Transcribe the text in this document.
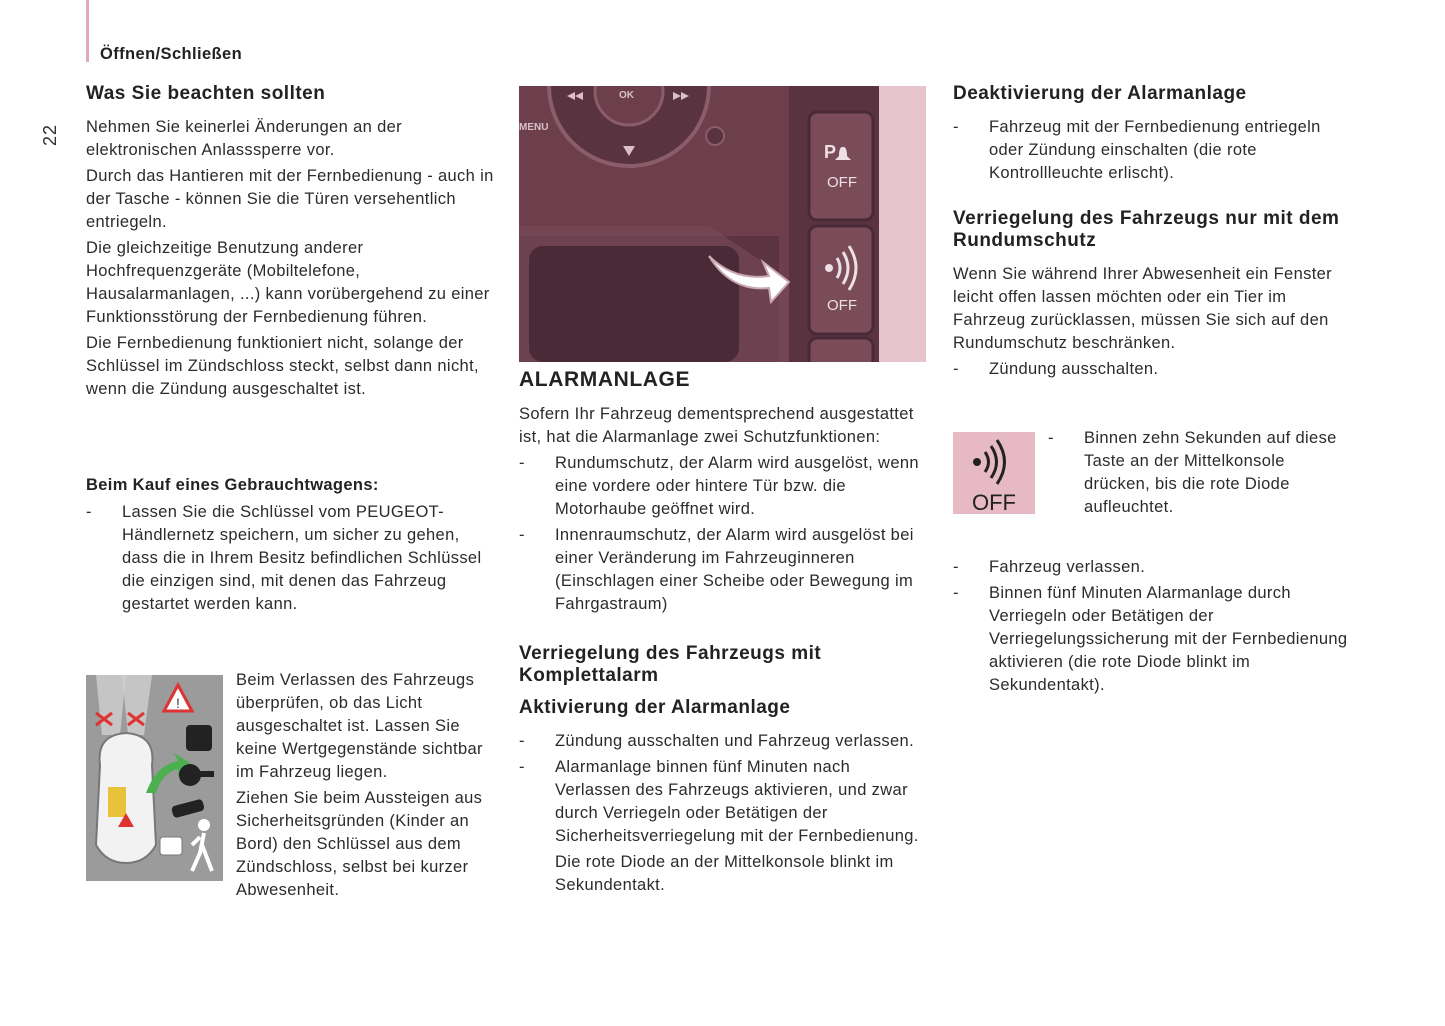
Öffnen/Schließen
22
Was Sie beachten sollten

Nehmen Sie keinerlei Änderungen an der elektronischen Anlasssperre vor.

Durch das Hantieren mit der Fernbedienung - auch in der Tasche - können Sie die Türen versehentlich entriegeln.

Die gleichzeitige Benutzung anderer Hochfrequenzgeräte (Mobiltelefone, Hausalarmanlagen, ...) kann vorübergehend zu einer Funktionsstörung der Fernbedienung führen.

Die Fernbedienung funktioniert nicht, solange der Schlüssel im Zündschloss steckt, selbst dann nicht, wenn die Zündung ausgeschaltet ist.

Beim Kauf eines Gebrauchtwagens:
- Lassen Sie die Schlüssel vom PEUGEOT-Händlernetz speichern, um sicher zu gehen, dass die in Ihrem Besitz befindlichen Schlüssel die einzigen sind, mit denen das Fahrzeug gestartet werden kann.
!

Beim Verlassen des Fahrzeugs überprüfen, ob das Licht ausgeschaltet ist. Lassen Sie keine Wertgegenstände sichtbar im Fahrzeug liegen.

Ziehen Sie beim Aussteigen aus Sicherheitsgründen (Kinder an Bord) den Schlüssel aus dem Zündschloss, selbst bei kurzer Abwesenheit.

MENU
OK
P
OFF
OFF
ALARMANLAGE

Sofern Ihr Fahrzeug dementsprechend ausgestattet ist, hat die Alarmanlage zwei Schutzfunktionen:

- Rundumschutz, der Alarm wird ausgelöst, wenn eine vordere oder hintere Tür bzw. die Motorhaube geöffnet wird.
- Innenraumschutz, der Alarm wird ausgelöst bei einer Veränderung im Fahrzeuginneren (Einschlagen einer Scheibe oder Bewegung im Fahrgastraum)
Verriegelung des Fahrzeugs mit Komplettalarm
Aktivierung der Alarmanlage
- Zündung ausschalten und Fahrzeug verlassen.
- Alarmanlage binnen fünf Minuten nach Verlassen des Fahrzeugs aktivieren, und zwar durch Verriegeln oder Betätigen der Sicherheitsverriegelung mit der Fernbedienung.
Die rote Diode an der Mittelkonsole blinkt im Sekundentakt.
Deaktivierung der Alarmanlage
- Fahrzeug mit der Fernbedienung entriegeln oder Zündung einschalten (die rote Kontrollleuchte erlischt).
Verriegelung des Fahrzeugs nur mit dem Rundumschutz

Wenn Sie während Ihrer Abwesenheit ein Fenster leicht offen lassen möchten oder ein Tier im Fahrzeug zurücklassen, müssen Sie sich auf den Rundumschutz beschränken.

- Zündung ausschalten.
OFF
- Binnen zehn Sekunden auf diese Taste an der Mittelkonsole drücken, bis die rote Diode aufleuchtet.
- Fahrzeug verlassen.
- Binnen fünf Minuten Alarmanlage durch Verriegeln oder Betätigen der Verriegelungssicherung mit der Fernbedienung aktivieren (die rote Diode blinkt im Sekundentakt).
